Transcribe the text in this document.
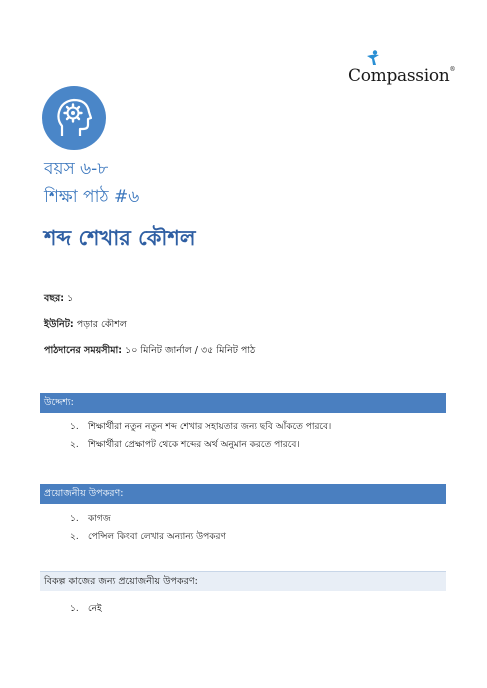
Compassion®
বয়স ৬-৮
শিক্ষা পাঠ #৬
শব্দ শেখার কৌশল
বছর: ১
ইউনিট: পড়ার কৌশল
পাঠদানের সময়সীমা: ১০ মিনিট জার্নাল / ৩৫ মিনিট পাঠ
উদ্দেশ্য:
১. শিক্ষার্থীরা নতুন নতুন শব্দ শেখার সহায়তার জন্য ছবি আঁকতে পারবে।
২. শিক্ষার্থীরা প্রেক্ষাপট থেকে শব্দের অর্থ অনুমান করতে পারবে।
প্রয়োজনীয় উপকরণ:
১. কাগজ
২. পেন্সিল কিংবা লেখার অন্যান্য উপকরণ
বিকল্প কাজের জন্য প্রয়োজনীয় উপকরণ:
১. নেই
